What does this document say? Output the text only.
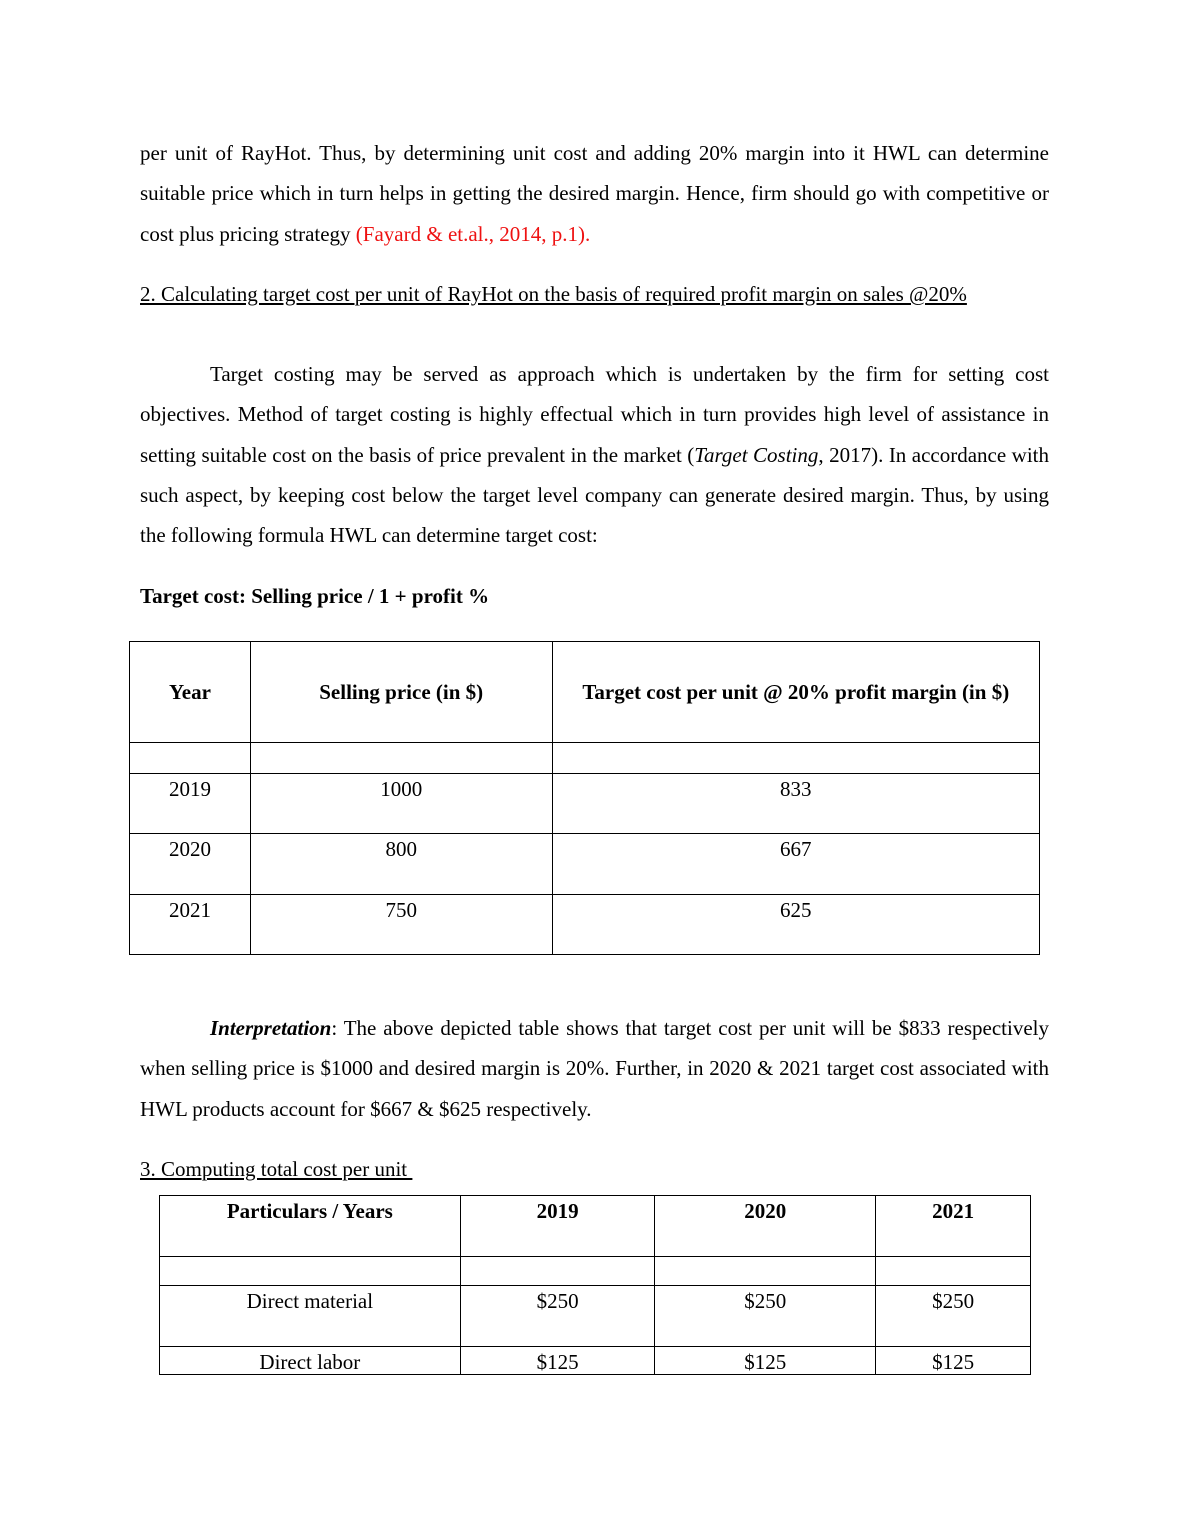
per unit of RayHot. Thus, by determining unit cost and adding 20% margin into it HWL can determine suitable price which in turn helps in getting the desired margin. Hence, firm should go with competitive or cost plus pricing strategy (Fayard & et.al., 2014, p.1).

2. Calculating target cost per unit of RayHot on the basis of required profit margin on sales @20%

Target costing may be served as approach which is undertaken by the firm for setting cost objectives. Method of target costing is highly effectual which in turn provides high level of assistance in setting suitable cost on the basis of price prevalent in the market (Target Costing, 2017). In accordance with such aspect, by keeping cost below the target level company can generate desired margin. Thus, by using the following formula HWL can determine target cost:

Target cost: Selling price / 1 + profit %

Year	Selling price (in $)	Target cost per unit @ 20% profit margin (in $)

2019	1000	833
2020	800	667
2021	750	625

Interpretation: The above depicted table shows that target cost per unit will be $833 respectively when selling price is $1000 and desired margin is 20%. Further, in 2020 & 2021 target cost associated with HWL products account for $667 & $625 respectively.

3. Computing total cost per unit

Particulars / Years	2019	2020	2021

Direct material	$250	$250	$250
Direct labor	$125	$125	$125
